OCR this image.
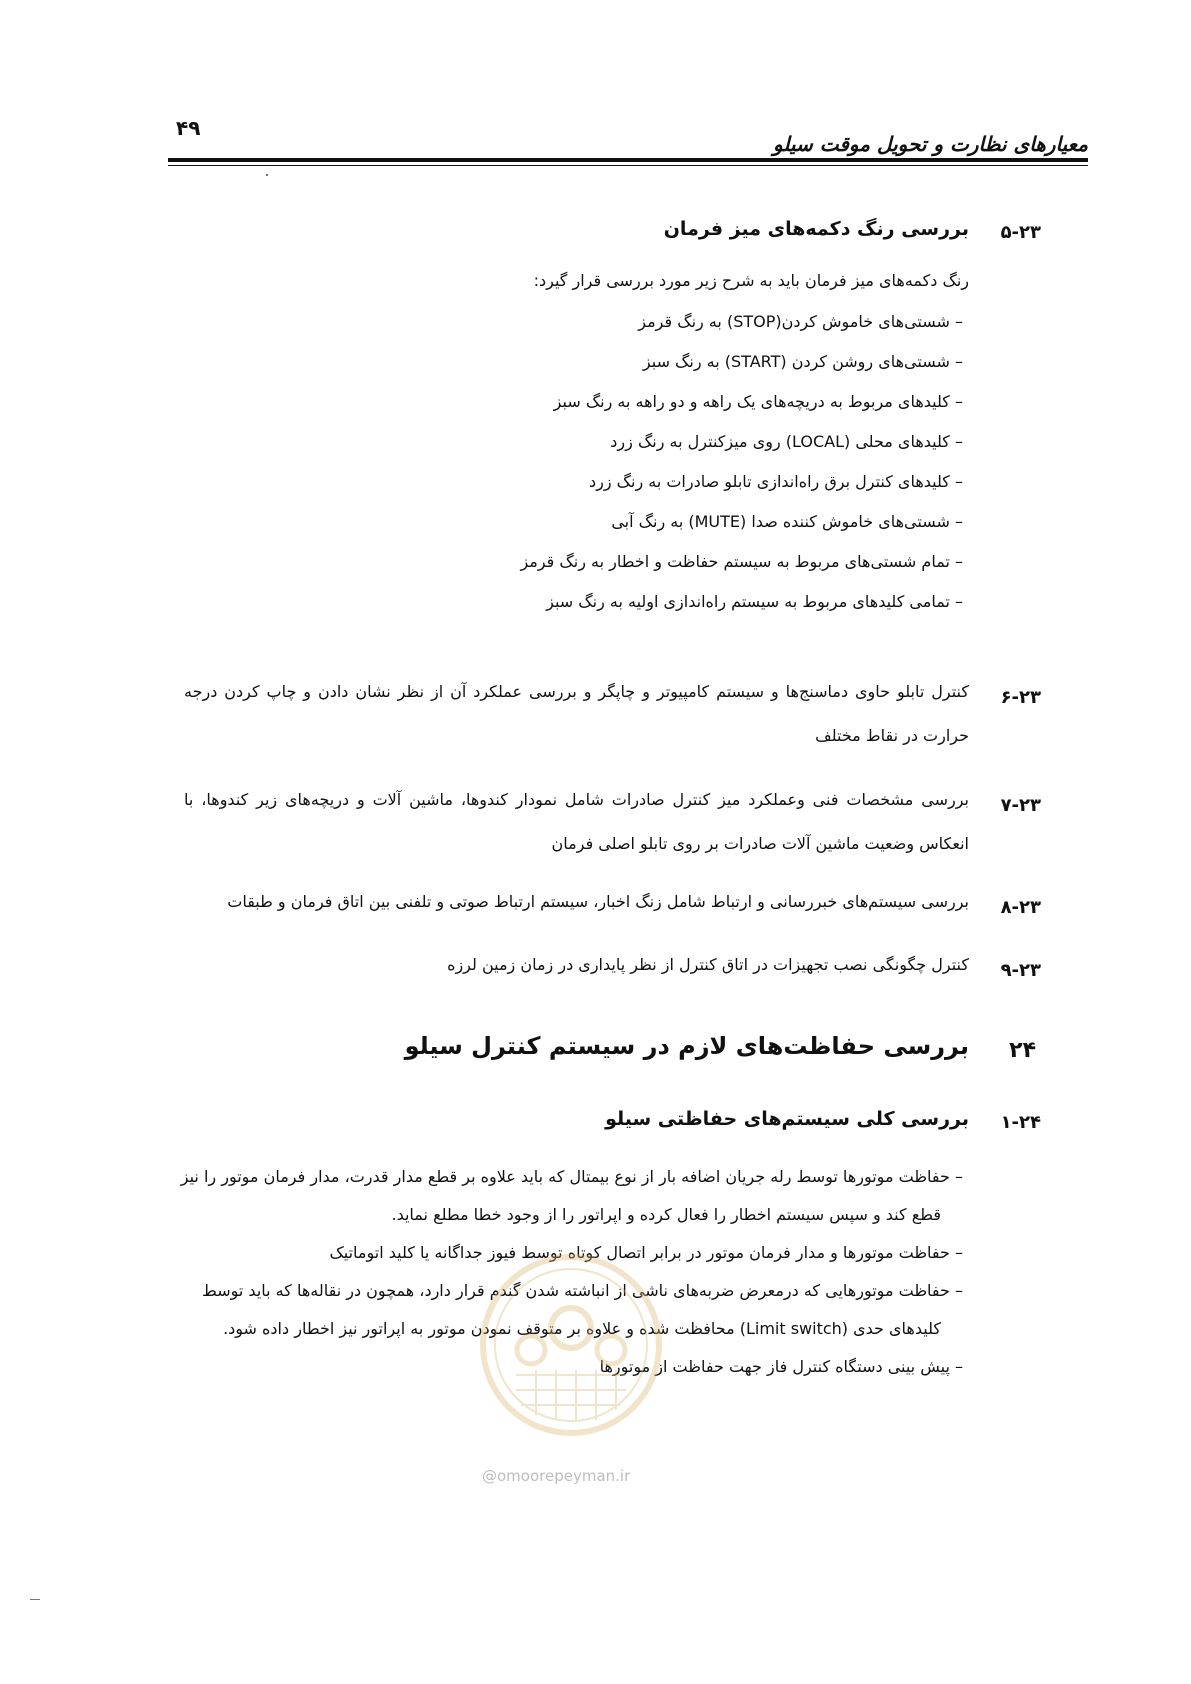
۴۹
معیارهای نظارت و تحویل موقت سیلو
۵-۲۳
بررسی رنگ دکمه‌های میز فرمان
رنگ دکمه‌های میز فرمان باید به شرح زیر مورد بررسی قرار گیرد:
– شستی‌های خاموش کردن(STOP) به رنگ قرمز
– شستی‌های روشن کردن (START) به رنگ سبز
– کلیدهای مربوط به دریچه‌های یک راهه و دو راهه به رنگ سبز
– کلیدهای محلی (LOCAL) روی میزکنترل به رنگ زرد
– کلیدهای کنترل برق راه‌اندازی تابلو صادرات به رنگ زرد
– شستی‌های خاموش کننده صدا (MUTE) به رنگ آبی
– تمام شستی‌های مربوط به سیستم حفاظت و اخطار به رنگ قرمز
– تمامی کلیدهای مربوط به سیستم راه‌اندازی اولیه به رنگ سبز
۶-۲۳
کنترل تابلو حاوی دماسنج‌ها و سیستم کامپیوتر و چاپگر و بررسی عملکرد آن از نظر نشان دادن و چاپ کردن درجه حرارت در نقاط مختلف
۷-۲۳
بررسی مشخصات فنی وعملکرد میز کنترل صادرات شامل نمودار کندوها، ماشین آلات و دریچه‌های زیر کندوها، با انعکاس وضعیت ماشین آلات صادرات بر روی تابلو اصلی فرمان
۸-۲۳
بررسی سیستم‌های خبررسانی و ارتباط شامل زنگ اخبار، سیستم ارتباط صوتی و تلفنی بین اتاق فرمان و طبقات
۹-۲۳
کنترل چگونگی نصب تجهیزات در اتاق کنترل از نظر پایداری در زمان زمین لرزه
۲۴
بررسی حفاظت‌های لازم در سیستم کنترل سیلو
۱-۲۴
بررسی کلی سیستم‌های حفاظتی سیلو
– حفاظت موتورها توسط رله جریان اضافه بار از نوع بیمتال که باید علاوه بر قطع مدار قدرت، مدار فرمان موتور را نیز
قطع کند و سپس سیستم اخطار را فعال کرده و اپراتور را از وجود خطا مطلع نماید.
– حفاظت موتورها و مدار فرمان موتور در برابر اتصال کوتاه توسط فیوز جداگانه یا کلید اتوماتیک
– حفاظت موتورهایی که درمعرض ضربه‌های ناشی از انباشته شدن گندم قرار دارد، همچون در نقاله‌ها که باید توسط
کلیدهای حدی (Limit switch) محافظت شده و علاوه بر متوقف نمودن موتور به اپراتور نیز اخطار داده شود.
– پیش بینی دستگاه کنترل فاز جهت حفاظت از موتورها
@omoorepeyman.ir
